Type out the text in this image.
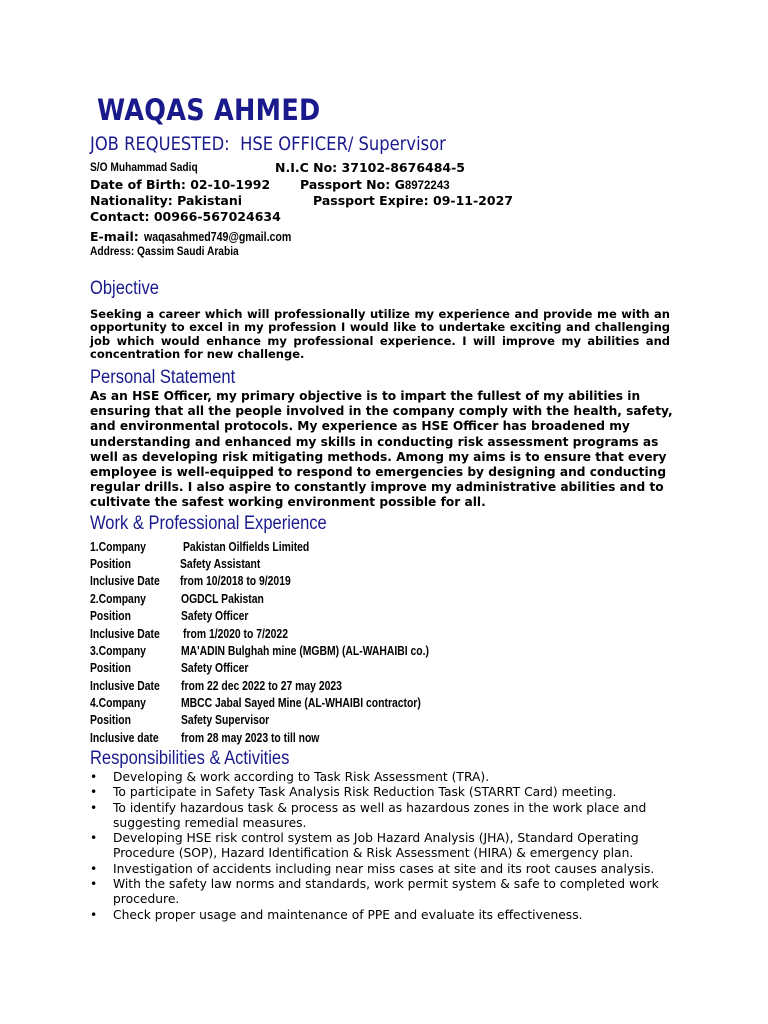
WAQAS AHMED
JOB REQUESTED: HSE OFFICER/ Supervisor
S/O Muhammad Sadiq	N.I.C No: 37102-8676484-5
Date of Birth: 02-10-1992 Passport No: G8972243
Nationality: Pakistani	Passport Expire: 09-11-2027
Contact: 00966-567024634
E-mail: waqasahmed749@gmail.com
Address: Qassim Saudi Arabia
Objective
Seeking a career which will professionally utilize my experience and provide me with an opportunity to excel in my profession I would like to undertake exciting and challenging job which would enhance my professional experience. I will improve my abilities and concentration for new challenge.
Personal Statement
As an HSE Officer, my primary objective is to impart the fullest of my abilities in ensuring that all the people involved in the company comply with the health, safety, and environmental protocols. My experience as HSE Officer has broadened my understanding and enhanced my skills in conducting risk assessment programs as well as developing risk mitigating methods. Among my aims is to ensure that every employee is well-equipped to respond to emergencies by designing and conducting regular drills. I also aspire to constantly improve my administrative abilities and to cultivate the safest working environment possible for all.
Work & Professional Experience
1.Company	Pakistan Oilfields Limited
Position	Safety Assistant
Inclusive Date from 10/2018 to 9/2019
2.Company	OGDCL Pakistan
Position	Safety Officer
Inclusive Date from 1/2020 to 7/2022
3.Company	MA'ADIN Bulghah mine (MGBM) (AL-WAHAIBI co.)
Position	Safety Officer
Inclusive Date from 22 dec 2022 to 27 may 2023
4.Company	MBCC Jabal Sayed Mine (AL-WHAIBI contractor)
Position	Safety Supervisor
Inclusive date from 28 may 2023 to till now
Responsibilities & Activities
• Developing & work according to Task Risk Assessment (TRA).
• To participate in Safety Task Analysis Risk Reduction Task (STARRT Card) meeting.
• To identify hazardous task & process as well as hazardous zones in the work place and suggesting remedial measures.
• Developing HSE risk control system as Job Hazard Analysis (JHA), Standard Operating Procedure (SOP), Hazard Identification & Risk Assessment (HIRA) & emergency plan.
• Investigation of accidents including near miss cases at site and its root causes analysis.
• With the safety law norms and standards, work permit system & safe to completed work procedure.
• Check proper usage and maintenance of PPE and evaluate its effectiveness.
